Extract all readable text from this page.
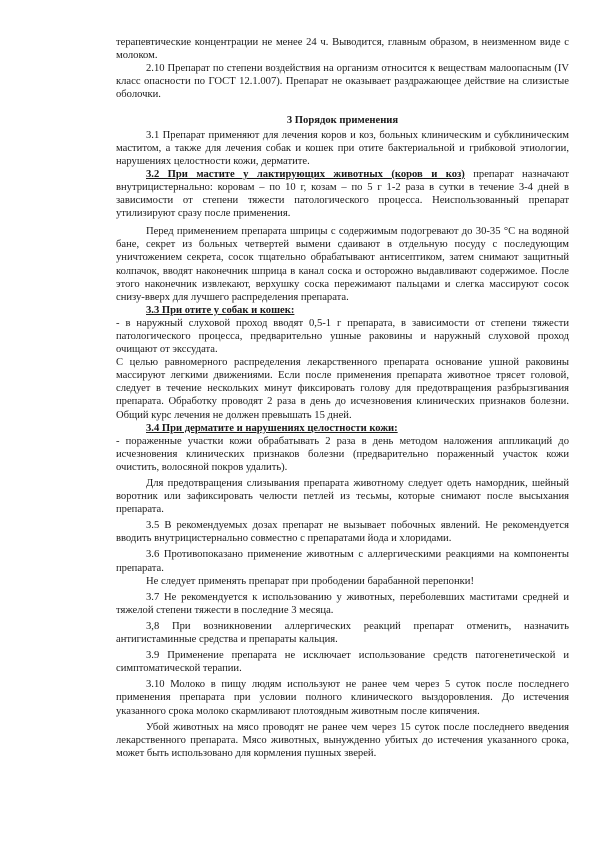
терапевтические концентрации не менее 24 ч. Выводится, главным образом, в неизменном виде с молоком.

2.10 Препарат по степени воздействия на организм относится к веществам малоопасным (IV класс опасности по ГОСТ 12.1.007). Препарат не оказывает раздражающее действие на слизистые оболочки.

3 Порядок применения

3.1 Препарат применяют для лечения коров и коз, больных клиническим и субклиническим маститом, а также для лечения собак и кошек при отите бактериальной и грибковой этиологии, нарушениях целостности кожи, дерматите.

3.2 При мастите у лактирующих животных (коров и коз) препарат назначают внутрицистернально: коровам – по 10 г, козам – по 5 г 1-2 раза в сутки в течение 3-4 дней в зависимости от степени тяжести патологического процесса. Неиспользованный препарат утилизируют сразу после применения.

Перед применением препарата шприцы с содержимым подогревают до 30-35 °С на водяной бане, секрет из больных четвертей вымени сдаивают в отдельную посуду с последующим уничтожением секрета, сосок тщательно обрабатывают антисептиком, затем снимают защитный колпачок, вводят наконечник шприца в канал соска и осторожно выдавливают содержимое. После этого наконечник извлекают, верхушку соска пережимают пальцами и слегка массируют сосок снизу-вверх для лучшего распределения препарата.

3.3 При отите у собак и кошек:

- в наружный слуховой проход вводят 0,5-1 г препарата, в зависимости от степени тяжести патологического процесса, предварительно ушные раковины и наружный слуховой проход очищают от экссудата.

С целью равномерного распределения лекарственного препарата основание ушной раковины массируют легкими движениями. Если после применения препарата животное трясет головой, следует в течение нескольких минут фиксировать голову для предотвращения разбрызгивания препарата. Обработку проводят 2 раза в день до исчезновения клинических признаков болезни. Общий курс лечения не должен превышать 15 дней.

3.4 При дерматите и нарушениях целостности кожи:

- пораженные участки кожи обрабатывать 2 раза в день методом наложения аппликаций до исчезновения клинических признаков болезни (предварительно пораженный участок кожи очистить, волосяной покров удалить).

Для предотвращения слизывания препарата животному следует одеть намордник, шейный воротник или зафиксировать челюсти петлей из тесьмы, которые снимают после высыхания препарата.

3.5 В рекомендуемых дозах препарат не вызывает побочных явлений. Не рекомендуется вводить внутрицистернально совместно с препаратами йода и хлоридами.

3.6 Противопоказано применение животным с аллергическими реакциями на компоненты препарата.

Не следует применять препарат при прободении барабанной перепонки!

3.7 Не рекомендуется к использованию у животных, переболевших маститами средней и тяжелой степени тяжести в последние 3 месяца.

3,8 При возникновении аллергических реакций препарат отменить, назначить антигистаминные средства и препараты кальция.

3.9 Применение препарата не исключает использование средств патогенетической и симптоматической терапии.

3.10 Молоко в пищу людям используют не ранее чем через 5 суток после последнего применения препарата при условии полного клинического выздоровления. До истечения указанного срока молоко скармливают плотоядным животным после кипячения.

Убой животных на мясо проводят не ранее чем через 15 суток после последнего введения лекарственного препарата. Мясо животных, вынужденно убитых до истечения указанного срока, может быть использовано для кормления пушных зверей.
